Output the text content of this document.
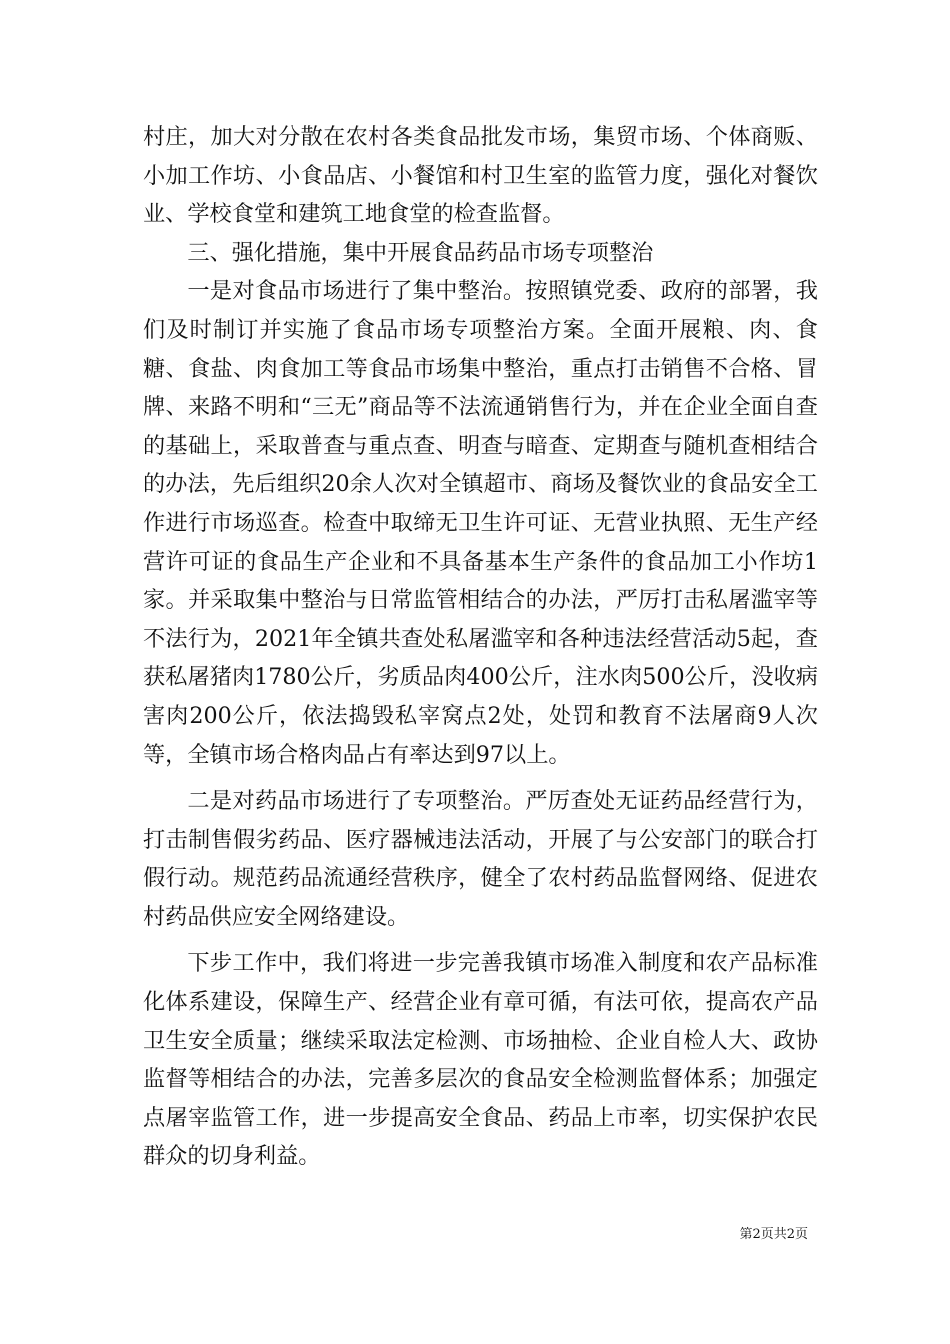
村庄，加大对分散在农村各类食品批发市场，集贸市场、个体商贩、小加工作坊、小食品店、小餐馆和村卫生室的监管力度，强化对餐饮业、学校食堂和建筑工地食堂的检查监督。

三、强化措施，集中开展食品药品市场专项整治

一是对食品市场进行了集中整治。按照镇党委、政府的部署，我们及时制订并实施了食品市场专项整治方案。全面开展粮、肉、食糖、食盐、肉食加工等食品市场集中整治，重点打击销售不合格、冒牌、来路不明和“三无”商品等不法流通销售行为，并在企业全面自查的基础上，采取普查与重点查、明查与暗查、定期查与随机查相结合的办法，先后组织20余人次对全镇超市、商场及餐饮业的食品安全工作进行市场巡查。检查中取缔无卫生许可证、无营业执照、无生产经营许可证的食品生产企业和不具备基本生产条件的食品加工小作坊1家。并采取集中整治与日常监管相结合的办法，严厉打击私屠滥宰等不法行为，2021年全镇共查处私屠滥宰和各种违法经营活动5起，查获私屠猪肉1780公斤，劣质品肉400公斤，注水肉500公斤，没收病害肉200公斤，依法捣毁私宰窝点2处，处罚和教育不法屠商9人次等，全镇市场合格肉品占有率达到97以上。

二是对药品市场进行了专项整治。严厉查处无证药品经营行为，打击制售假劣药品、医疗器械违法活动，开展了与公安部门的联合打假行动。规范药品流通经营秩序，健全了农村药品监督网络、促进农村药品供应安全网络建设。

下步工作中，我们将进一步完善我镇市场准入制度和农产品标准化体系建设，保障生产、经营企业有章可循，有法可依，提高农产品卫生安全质量；继续采取法定检测、市场抽检、企业自检人大、政协监督等相结合的办法，完善多层次的食品安全检测监督体系；加强定点屠宰监管工作，进一步提高安全食品、药品上市率，切实保护农民群众的切身利益。

第2页共2页
